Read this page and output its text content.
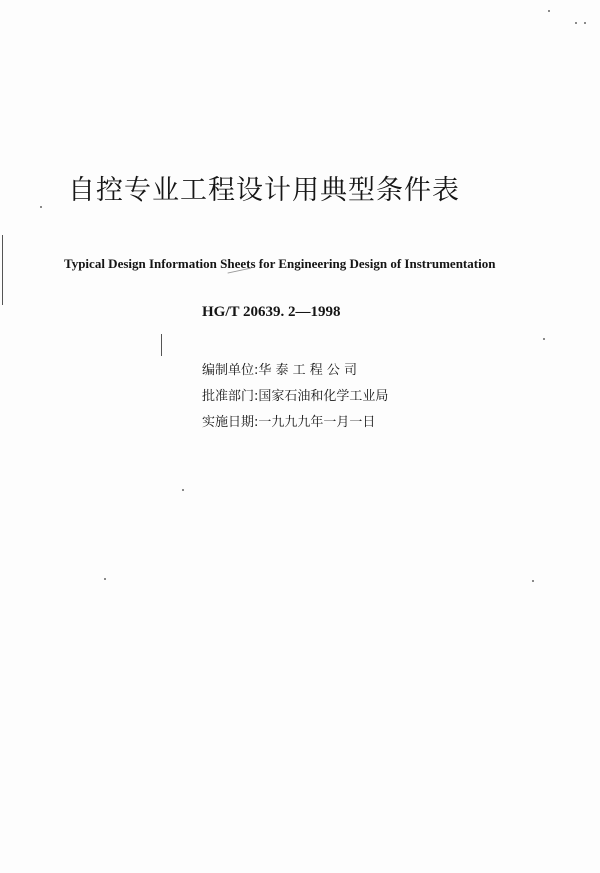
自控专业工程设计用典型条件表
Typical Design Information Sheets for Engineering Design of Instrumentation
HG/T 20639. 2—1998
编制单位:华 泰 工 程 公 司
批准部门:国家石油和化学工业局
实施日期:一九九九年一月一日
